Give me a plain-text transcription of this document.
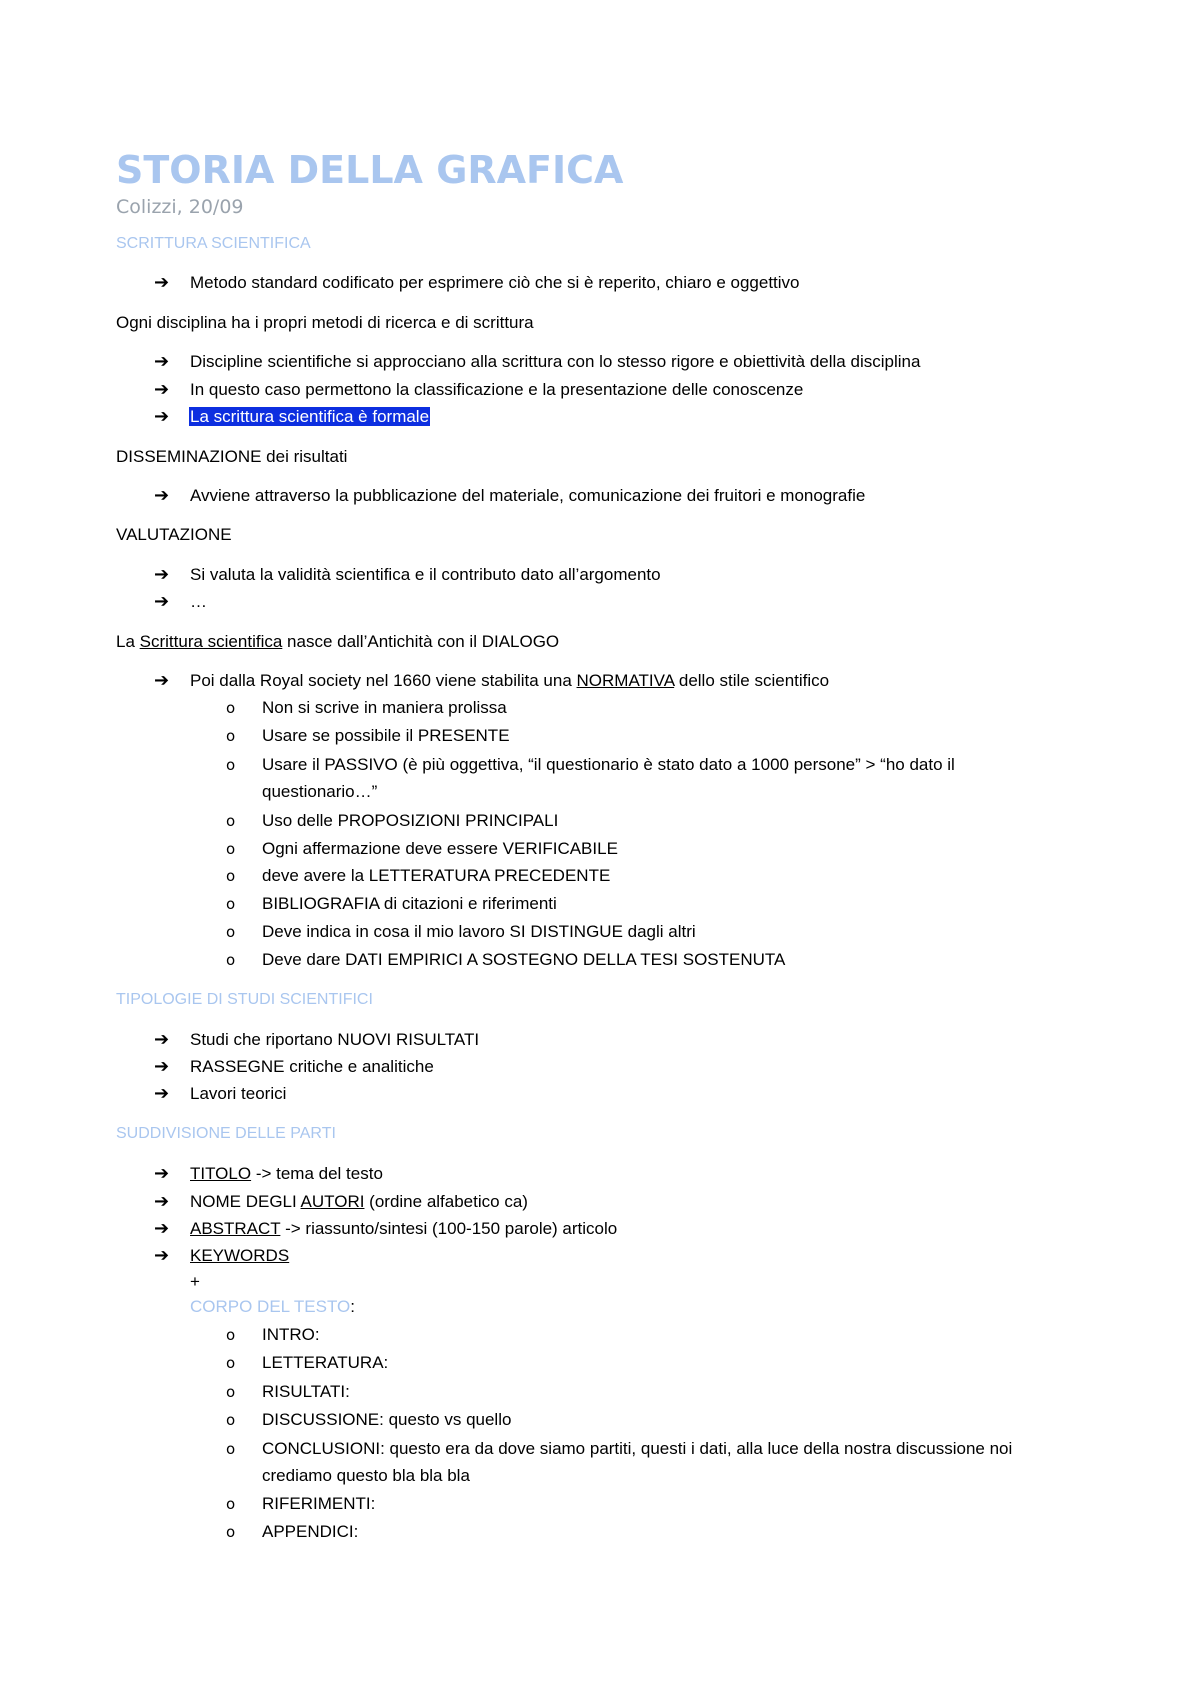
STORIA DELLA GRAFICA
Colizzi, 20/09
SCRITTURA SCIENTIFICA
➔ Metodo standard codificato per esprimere ciò che si è reperito, chiaro e oggettivo
Ogni disciplina ha i propri metodi di ricerca e di scrittura
➔ Discipline scientifiche si approcciano alla scrittura con lo stesso rigore e obiettività della disciplina
➔ In questo caso permettono la classificazione e la presentazione delle conoscenze
➔ La scrittura scientifica è formale
DISSEMINAZIONE dei risultati
➔ Avviene attraverso la pubblicazione del materiale, comunicazione dei fruitori e monografie
VALUTAZIONE
➔ Si valuta la validità scientifica e il contributo dato all’argomento
➔ …
La Scrittura scientifica nasce dall’Antichità con il DIALOGO
➔ Poi dalla Royal society nel 1660 viene stabilita una NORMATIVA dello stile scientifico
o Non si scrive in maniera prolissa
o Usare se possibile il PRESENTE
o Usare il PASSIVO (è più oggettiva, “il questionario è stato dato a 1000 persone” > “ho dato il
questionario…”
o Uso delle PROPOSIZIONI PRINCIPALI
o Ogni affermazione deve essere VERIFICABILE
o deve avere la LETTERATURA PRECEDENTE
o BIBLIOGRAFIA di citazioni e riferimenti
o Deve indica in cosa il mio lavoro SI DISTINGUE dagli altri
o Deve dare DATI EMPIRICI A SOSTEGNO DELLA TESI SOSTENUTA
TIPOLOGIE DI STUDI SCIENTIFICI
➔ Studi che riportano NUOVI RISULTATI
➔ RASSEGNE critiche e analitiche
➔ Lavori teorici
SUDDIVISIONE DELLE PARTI
➔ TITOLO -> tema del testo
➔ NOME DEGLI AUTORI (ordine alfabetico ca)
➔ ABSTRACT -> riassunto/sintesi (100-150 parole) articolo
➔ KEYWORDS
+
CORPO DEL TESTO:
o INTRO:
o LETTERATURA:
o RISULTATI:
o DISCUSSIONE: questo vs quello
o CONCLUSIONI: questo era da dove siamo partiti, questi i dati, alla luce della nostra discussione noi
crediamo questo bla bla bla
o RIFERIMENTI:
o APPENDICI:
